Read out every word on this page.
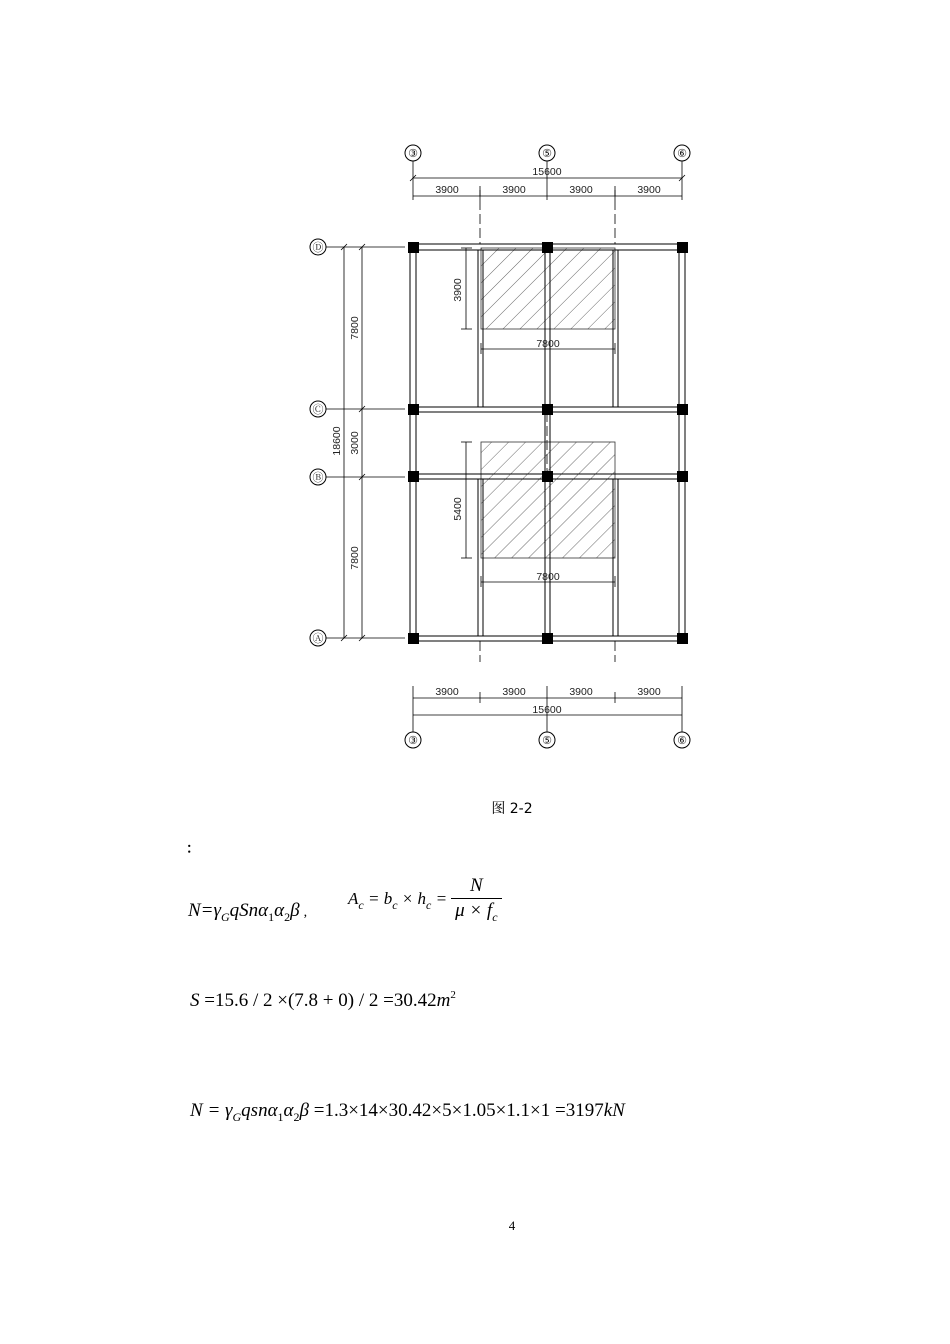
③	⑤	⑥
③	⑤	⑥
Ⓓ
Ⓒ
Ⓑ
Ⓐ
15600
3900	3900	3900	3900
3900	3900	3900	3900
15600
7800
3000
7800
18600
3900
7800
5400
7800
图 2-2
：
$N=\gamma_GqSn\alpha_1\alpha_2\beta$ ,
$A_c = b_c \times h_c = \frac{N}{\mu \times f_c}$
$S =15.6 / 2 \times(7.8 + 0) / 2 =30.42m^2$
$N = \gamma_Gqsn\alpha_1\alpha_2\beta =1.3\times 14\times 30.42\times 5\times 1.05\times 1.1\times 1 =3197kN$
4
